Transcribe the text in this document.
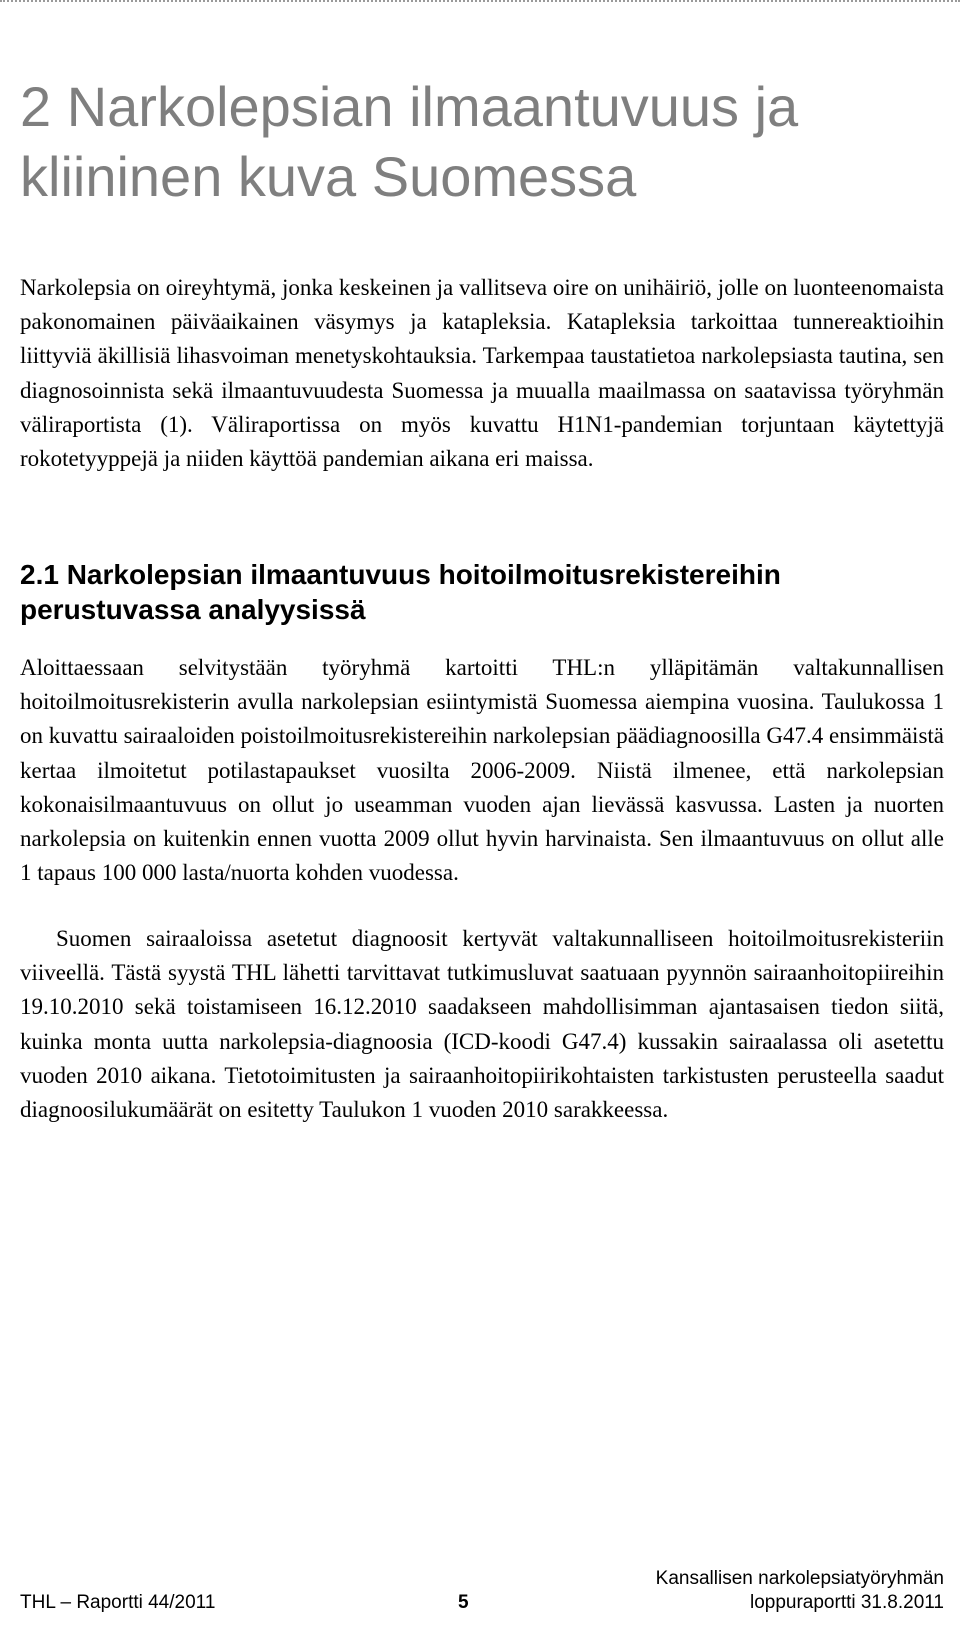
2 Narkolepsian ilmaantuvuus ja
kliininen kuva Suomessa

Narkolepsia on oireyhtymä, jonka keskeinen ja vallitseva oire on unihäiriö, jolle on luonteenomaista pakonomainen päiväaikainen väsymys ja katapleksia. Katapleksia tarkoittaa tunnereaktioihin liittyviä äkillisiä lihasvoiman menetyskohtauksia. Tarkempaa taustatietoa narkolepsiasta tautina, sen diagnosoinnista sekä ilmaantuvuudesta Suomessa ja muualla maailmassa on saatavissa työryhmän väliraportista (1). Väliraportissa on myös kuvattu H1N1-pandemian torjuntaan käytettyjä rokotetyyppejä ja niiden käyttöä pandemian aikana eri maissa.

2.1 Narkolepsian ilmaantuvuus hoitoilmoitusrekistereihin
perustuvassa analyysissä

Aloittaessaan selvitystään työryhmä kartoitti THL:n ylläpitämän valtakunnallisen hoitoilmoitusrekisterin avulla narkolepsian esiintymistä Suomessa aiempina vuosina. Taulukossa 1 on kuvattu sairaaloiden poistoilmoitusrekistereihin narkolepsian päädiagnoosilla G47.4 ensimmäistä kertaa ilmoitetut potilastapaukset vuosilta 2006-2009. Niistä ilmenee, että narkolepsian kokonaisilmaantuvuus on ollut jo useamman vuoden ajan lievässä kasvussa. Lasten ja nuorten narkolepsia on kuitenkin ennen vuotta 2009 ollut hyvin harvinaista. Sen ilmaantuvuus on ollut alle 1 tapaus 100 000 lasta/nuorta kohden vuodessa.

Suomen sairaaloissa asetetut diagnoosit kertyvät valtakunnalliseen hoitoilmoitusrekisteriin viiveellä. Tästä syystä THL lähetti tarvittavat tutkimusluvat saatuaan pyynnön sairaanhoitopiireihin 19.10.2010 sekä toistamiseen 16.12.2010 saadakseen mahdollisimman ajantasaisen tiedon siitä, kuinka monta uutta narkolepsia-diagnoosia (ICD-koodi G47.4) kussakin sairaalassa oli asetettu vuoden 2010 aikana. Tietotoimitusten ja sairaanhoitopiirikohtaisten tarkistusten perusteella saadut diagnoosilukumäärät on esitetty Taulukon 1 vuoden 2010 sarakkeessa.

THL – Raportti 44/2011	5
Kansallisen narkolepsiatyöryhmän
loppuraportti 31.8.2011
